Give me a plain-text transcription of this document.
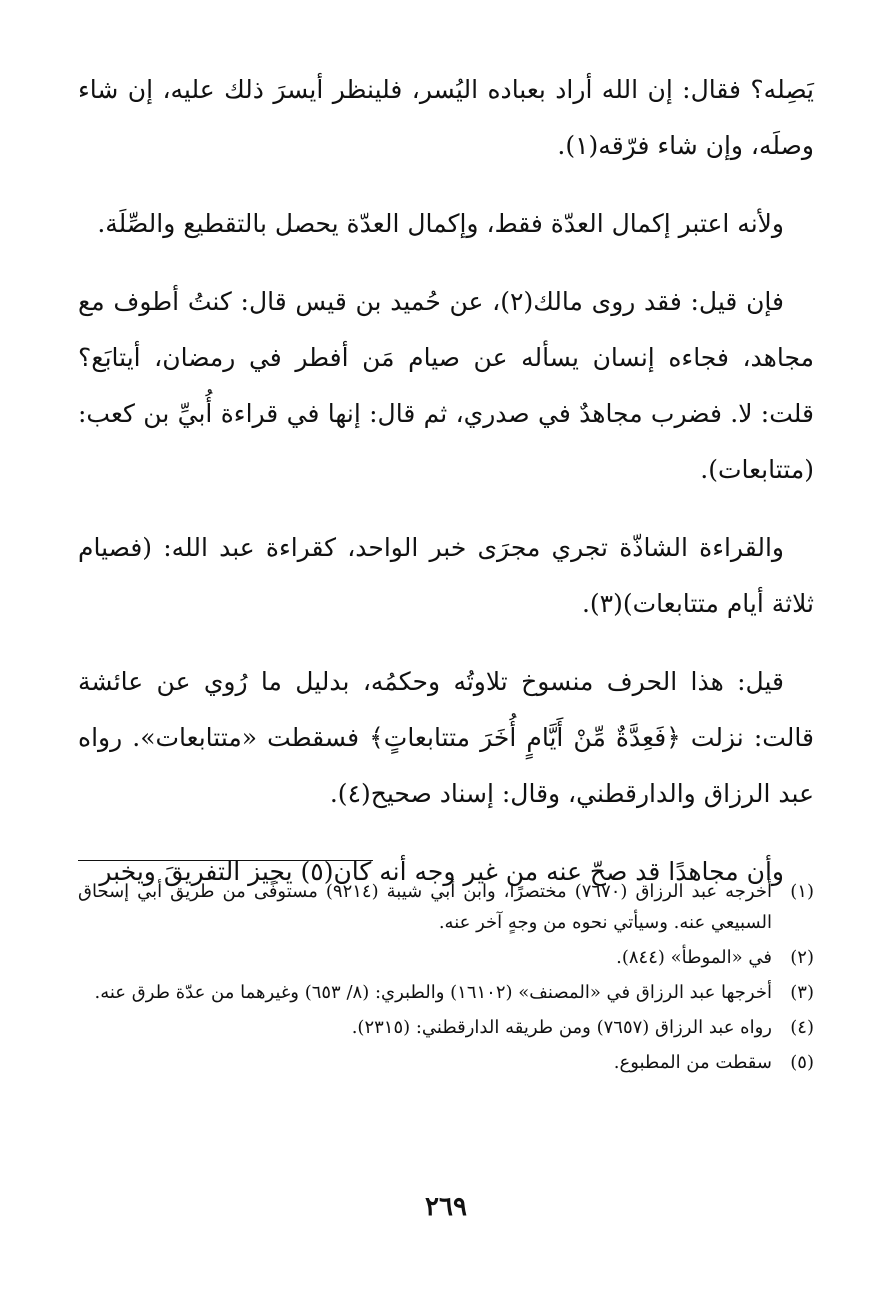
يَصِله؟ فقال: إن الله أراد بعباده اليُسر، فلينظر أيسرَ ذلك عليه، إن شاء وصلَه، وإن شاء فرّقه(١).

ولأنه اعتبر إكمال العدّة فقط، وإكمال العدّة يحصل بالتقطيع والصِّلَة.

فإن قيل: فقد روى مالك(٢)، عن حُميد بن قيس قال: كنتُ أطوف مع مجاهد، فجاءه إنسان يسأله عن صيام مَن أفطر في رمضان، أيتابَع؟ قلت: لا. فضرب مجاهدٌ في صدري، ثم قال: إنها في قراءة أُبيِّ بن كعب: (متتابعات).

والقراءة الشاذّة تجري مجرَى خبر الواحد، كقراءة عبد الله: (فصيام ثلاثة أيام متتابعات)(٣).

قيل: هذا الحرف منسوخ تلاوتُه وحكمُه، بدليل ما رُوي عن عائشة قالت: نزلت ﴿فَعِدَّةٌ مِّنْ أَيَّامٍ أُخَرَ متتابعاتٍ﴾ فسقطت «متتابعات». رواه عبد الرزاق والدارقطني، وقال: إسناد صحيح(٤).

وأن مجاهدًا قد صحّ عنه من غير وجه أنه كان(٥) يجيز التفريقَ ويخبر

(١)
أخرجه عبد الرزاق (٧٦٧٠) مختصرًا، وابن أبي شيبة (٩٢١٤) مستوفًى من طريق أبي إسحاق السبيعي عنه. وسيأتي نحوه من وجهٍ آخر عنه.
(٢)
في «الموطأ» (٨٤٤).
(٣)
أخرجها عبد الرزاق في «المصنف» (١٦١٠٢) والطبري: (٨/ ٦٥٣) وغيرهما من عدّة طرق عنه.
(٤)
رواه عبد الرزاق (٧٦٥٧) ومن طريقه الدارقطني: (٢٣١٥).
(٥)
سقطت من المطبوع.
٢٦٩
